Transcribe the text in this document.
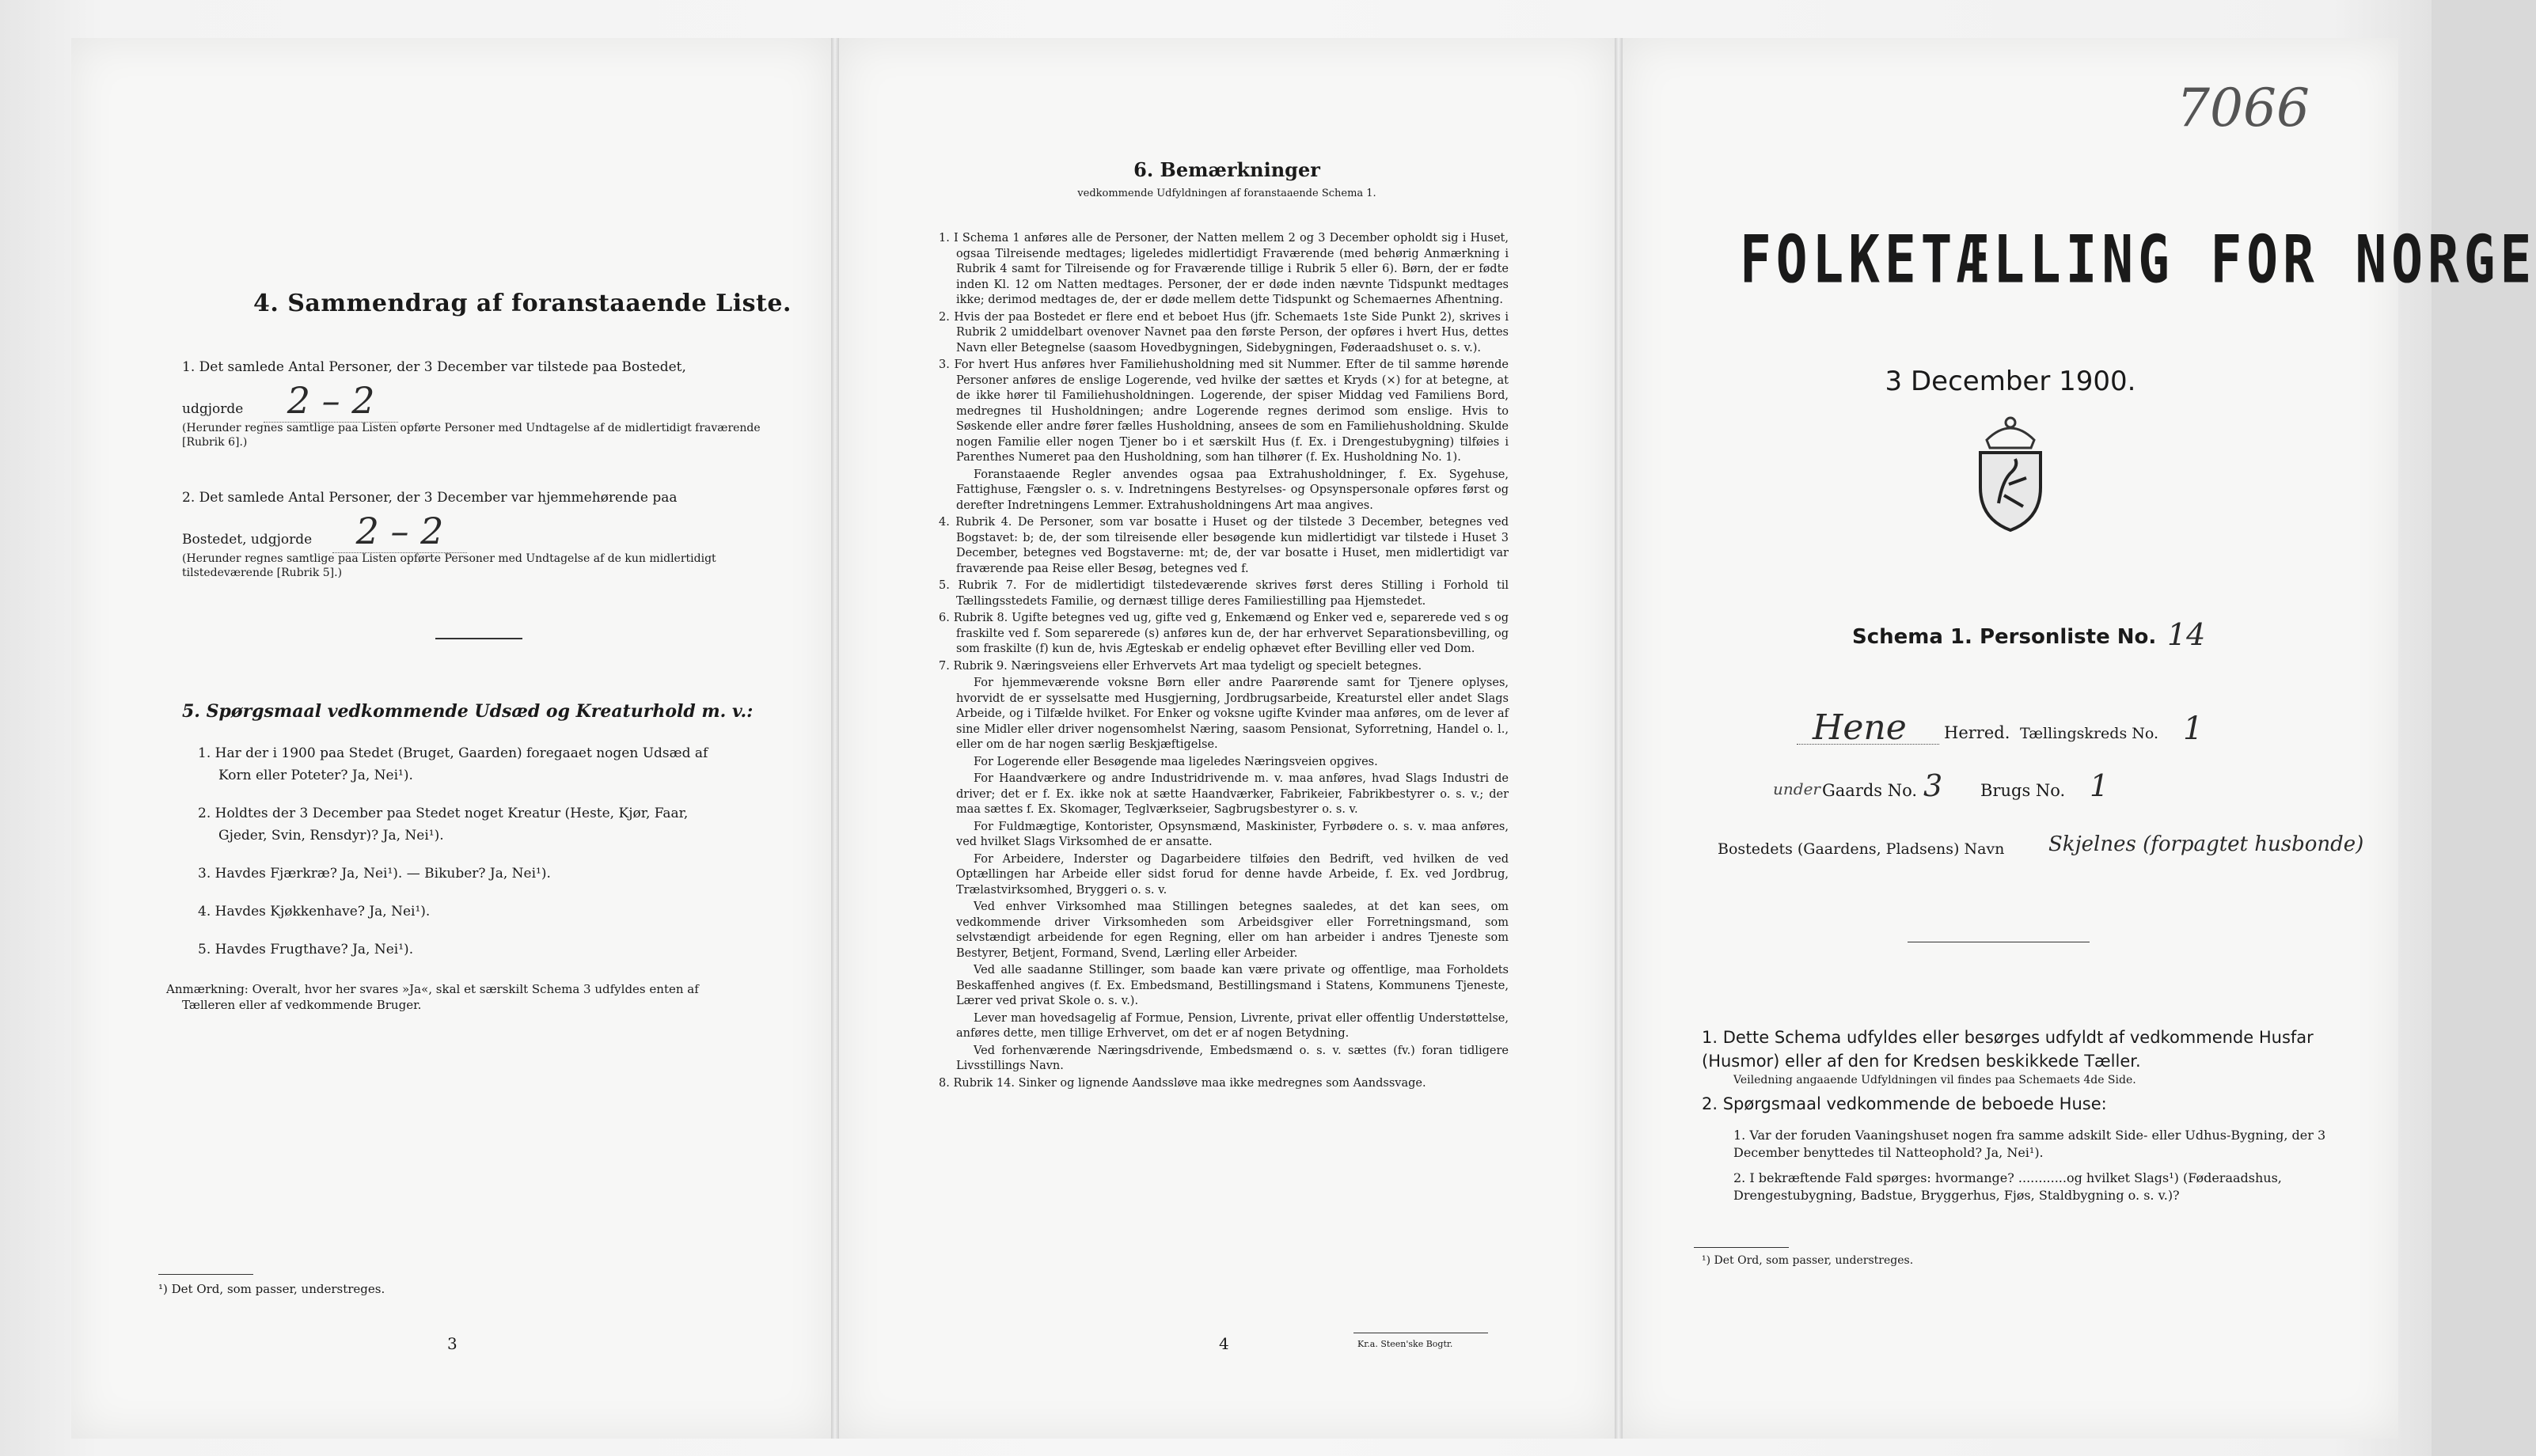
4. Sammendrag af foranstaaende Liste.
1. Det samlede Antal Personer, der 3 December var tilstede paa Bostedet,
udgjorde 2 – 2
(Herunder regnes samtlige paa Listen opførte Personer med Undtagelse af de midlertidigt fraværende [Rubrik 6].)
2. Det samlede Antal Personer, der 3 December var hjemmehørende paa
Bostedet, udgjorde 2 – 2
(Herunder regnes samtlige paa Listen opførte Personer med Undtagelse af de kun midlertidigt tilstedeværende [Rubrik 5].)
5. Spørgsmaal vedkommende Udsæd og Kreaturhold m. v.:
1. Har der i 1900 paa Stedet (Bruget, Gaarden) foregaaet nogen Udsæd af
Korn eller Poteter? Ja, Nei¹).
2. Holdtes der 3 December paa Stedet noget Kreatur (Heste, Kjør, Faar,
Gjeder, Svin, Rensdyr)? Ja, Nei¹).
3. Havdes Fjærkræ? Ja, Nei¹). — Bikuber? Ja, Nei¹).
4. Havdes Kjøkkenhave? Ja, Nei¹).
5. Havdes Frugthave? Ja, Nei¹).
Anmærkning: Overalt, hvor her svares »Ja«, skal et særskilt Schema 3 udfyldes enten af
Tælleren eller af vedkommende Bruger.
¹) Det Ord, som passer, understreges.
3
6. Bemærkninger
vedkommende Udfyldningen af foranstaaende Schema 1.

1. I Schema 1 anføres alle de Personer, der Natten mellem 2 og 3 December opholdt sig i Huset, ogsaa Tilreisende medtages; ligeledes midlertidigt Fraværende (med behørig Anmærkning i Rubrik 4 samt for Tilreisende og for Fraværende tillige i Rubrik 5 eller 6). Børn, der er fødte inden Kl. 12 om Natten medtages. Personer, der er døde inden nævnte Tidspunkt medtages ikke; derimod medtages de, der er døde mellem dette Tidspunkt og Schemaernes Afhentning.

2. Hvis der paa Bostedet er flere end et beboet Hus (jfr. Schemaets 1ste Side Punkt 2), skrives i Rubrik 2 umiddelbart ovenover Navnet paa den første Person, der opføres i hvert Hus, dettes Navn eller Betegnelse (saasom Hovedbygningen, Sidebygningen, Føderaadshuset o. s. v.).

3. For hvert Hus anføres hver Familiehusholdning med sit Nummer. Efter de til samme hørende Personer anføres de enslige Logerende, ved hvilke der sættes et Kryds (×) for at betegne, at de ikke hører til Familiehusholdningen. Logerende, der spiser Middag ved Familiens Bord, medregnes til Husholdningen; andre Logerende regnes derimod som enslige. Hvis to Søskende eller andre fører fælles Husholdning, ansees de som en Familiehusholdning. Skulde nogen Familie eller nogen Tjener bo i et særskilt Hus (f. Ex. i Drengestubygning) tilføies i Parenthes Numeret paa den Husholdning, som han tilhører (f. Ex. Husholdning No. 1).

Foranstaaende Regler anvendes ogsaa paa Extrahusholdninger, f. Ex. Sygehuse, Fattighuse, Fængsler o. s. v. Indretningens Bestyrelses- og Opsynspersonale opføres først og derefter Indretningens Lemmer. Extrahusholdningens Art maa angives.

4. Rubrik 4. De Personer, som var bosatte i Huset og der tilstede 3 December, betegnes ved Bogstavet: b; de, der som tilreisende eller besøgende kun midlertidigt var tilstede i Huset 3 December, betegnes ved Bogstaverne: mt; de, der var bosatte i Huset, men midlertidigt var fraværende paa Reise eller Besøg, betegnes ved f.

5. Rubrik 7. For de midlertidigt tilstedeværende skrives først deres Stilling i Forhold til Tællingsstedets Familie, og dernæst tillige deres Familiestilling paa Hjemstedet.

6. Rubrik 8. Ugifte betegnes ved ug, gifte ved g, Enkemænd og Enker ved e, separerede ved s og fraskilte ved f. Som separerede (s) anføres kun de, der har erhvervet Separationsbevilling, og som fraskilte (f) kun de, hvis Ægteskab er endelig ophævet efter Bevilling eller ved Dom.

7. Rubrik 9. Næringsveiens eller Erhvervets Art maa tydeligt og specielt betegnes.

For hjemmeværende voksne Børn eller andre Paarørende samt for Tjenere oplyses, hvorvidt de er sysselsatte med Husgjerning, Jordbrugsarbeide, Kreaturstel eller andet Slags Arbeide, og i Tilfælde hvilket. For Enker og voksne ugifte Kvinder maa anføres, om de lever af sine Midler eller driver nogensomhelst Næring, saasom Pensionat, Syforretning, Handel o. l., eller om de har nogen særlig Beskjæftigelse.

For Logerende eller Besøgende maa ligeledes Næringsveien opgives.

For Haandværkere og andre Industridrivende m. v. maa anføres, hvad Slags Industri de driver; det er f. Ex. ikke nok at sætte Haandværker, Fabrikeier, Fabrikbestyrer o. s. v.; der maa sættes f. Ex. Skomager, Teglværkseier, Sagbrugsbestyrer o. s. v.

For Fuldmægtige, Kontorister, Opsynsmænd, Maskinister, Fyrbødere o. s. v. maa anføres, ved hvilket Slags Virksomhed de er ansatte.

For Arbeidere, Inderster og Dagarbeidere tilføies den Bedrift, ved hvilken de ved Optællingen har Arbeide eller sidst forud for denne havde Arbeide, f. Ex. ved Jordbrug, Trælastvirksomhed, Bryggeri o. s. v.

Ved enhver Virksomhed maa Stillingen betegnes saaledes, at det kan sees, om vedkommende driver Virksomheden som Arbeidsgiver eller Forretningsmand, som selvstændigt arbeidende for egen Regning, eller om han arbeider i andres Tjeneste som Bestyrer, Betjent, Formand, Svend, Lærling eller Arbeider.

Ved alle saadanne Stillinger, som baade kan være private og offentlige, maa Forholdets Beskaffenhed angives (f. Ex. Embedsmand, Bestillingsmand i Statens, Kommunens Tjeneste, Lærer ved privat Skole o. s. v.).

Lever man hovedsagelig af Formue, Pension, Livrente, privat eller offentlig Understøttelse, anføres dette, men tillige Erhvervet, om det er af nogen Betydning.

Ved forhenværende Næringsdrivende, Embedsmænd o. s. v. sættes (fv.) foran tidligere Livsstillings Navn.

8. Rubrik 14. Sinker og lignende Aandssløve maa ikke medregnes som Aandssvage.

4	Kr.a. Steen'ske Bogtr.
7066
FOLKETÆLLING FOR NORGE
3 December 1900.
Schema 1. Personliste No. 14
Hene Herred. Tællingskreds No. 1
under Gaards No. 3 Brugs No. 1
Bostedets (Gaardens, Pladsens) Navn Skjelnes (forpagtet husbonde)
1. Dette Schema udfyldes eller besørges udfyldt af vedkommende Husfar (Husmor) eller af den for Kredsen beskikkede Tæller.
Veiledning angaaende Udfyldningen vil findes paa Schemaets 4de Side.
2. Spørgsmaal vedkommende de beboede Huse:
1. Var der foruden Vaaningshuset nogen fra samme adskilt Side- eller Udhus-Bygning, der 3 December benyttedes til Natteophold? Ja, Nei¹).
2. I bekræftende Fald spørges: hvormange? ............og hvilket Slags¹) (Føderaadshus, Drengestubygning, Badstue, Bryggerhus, Fjøs, Staldbygning o. s. v.)?
¹) Det Ord, som passer, understreges.
